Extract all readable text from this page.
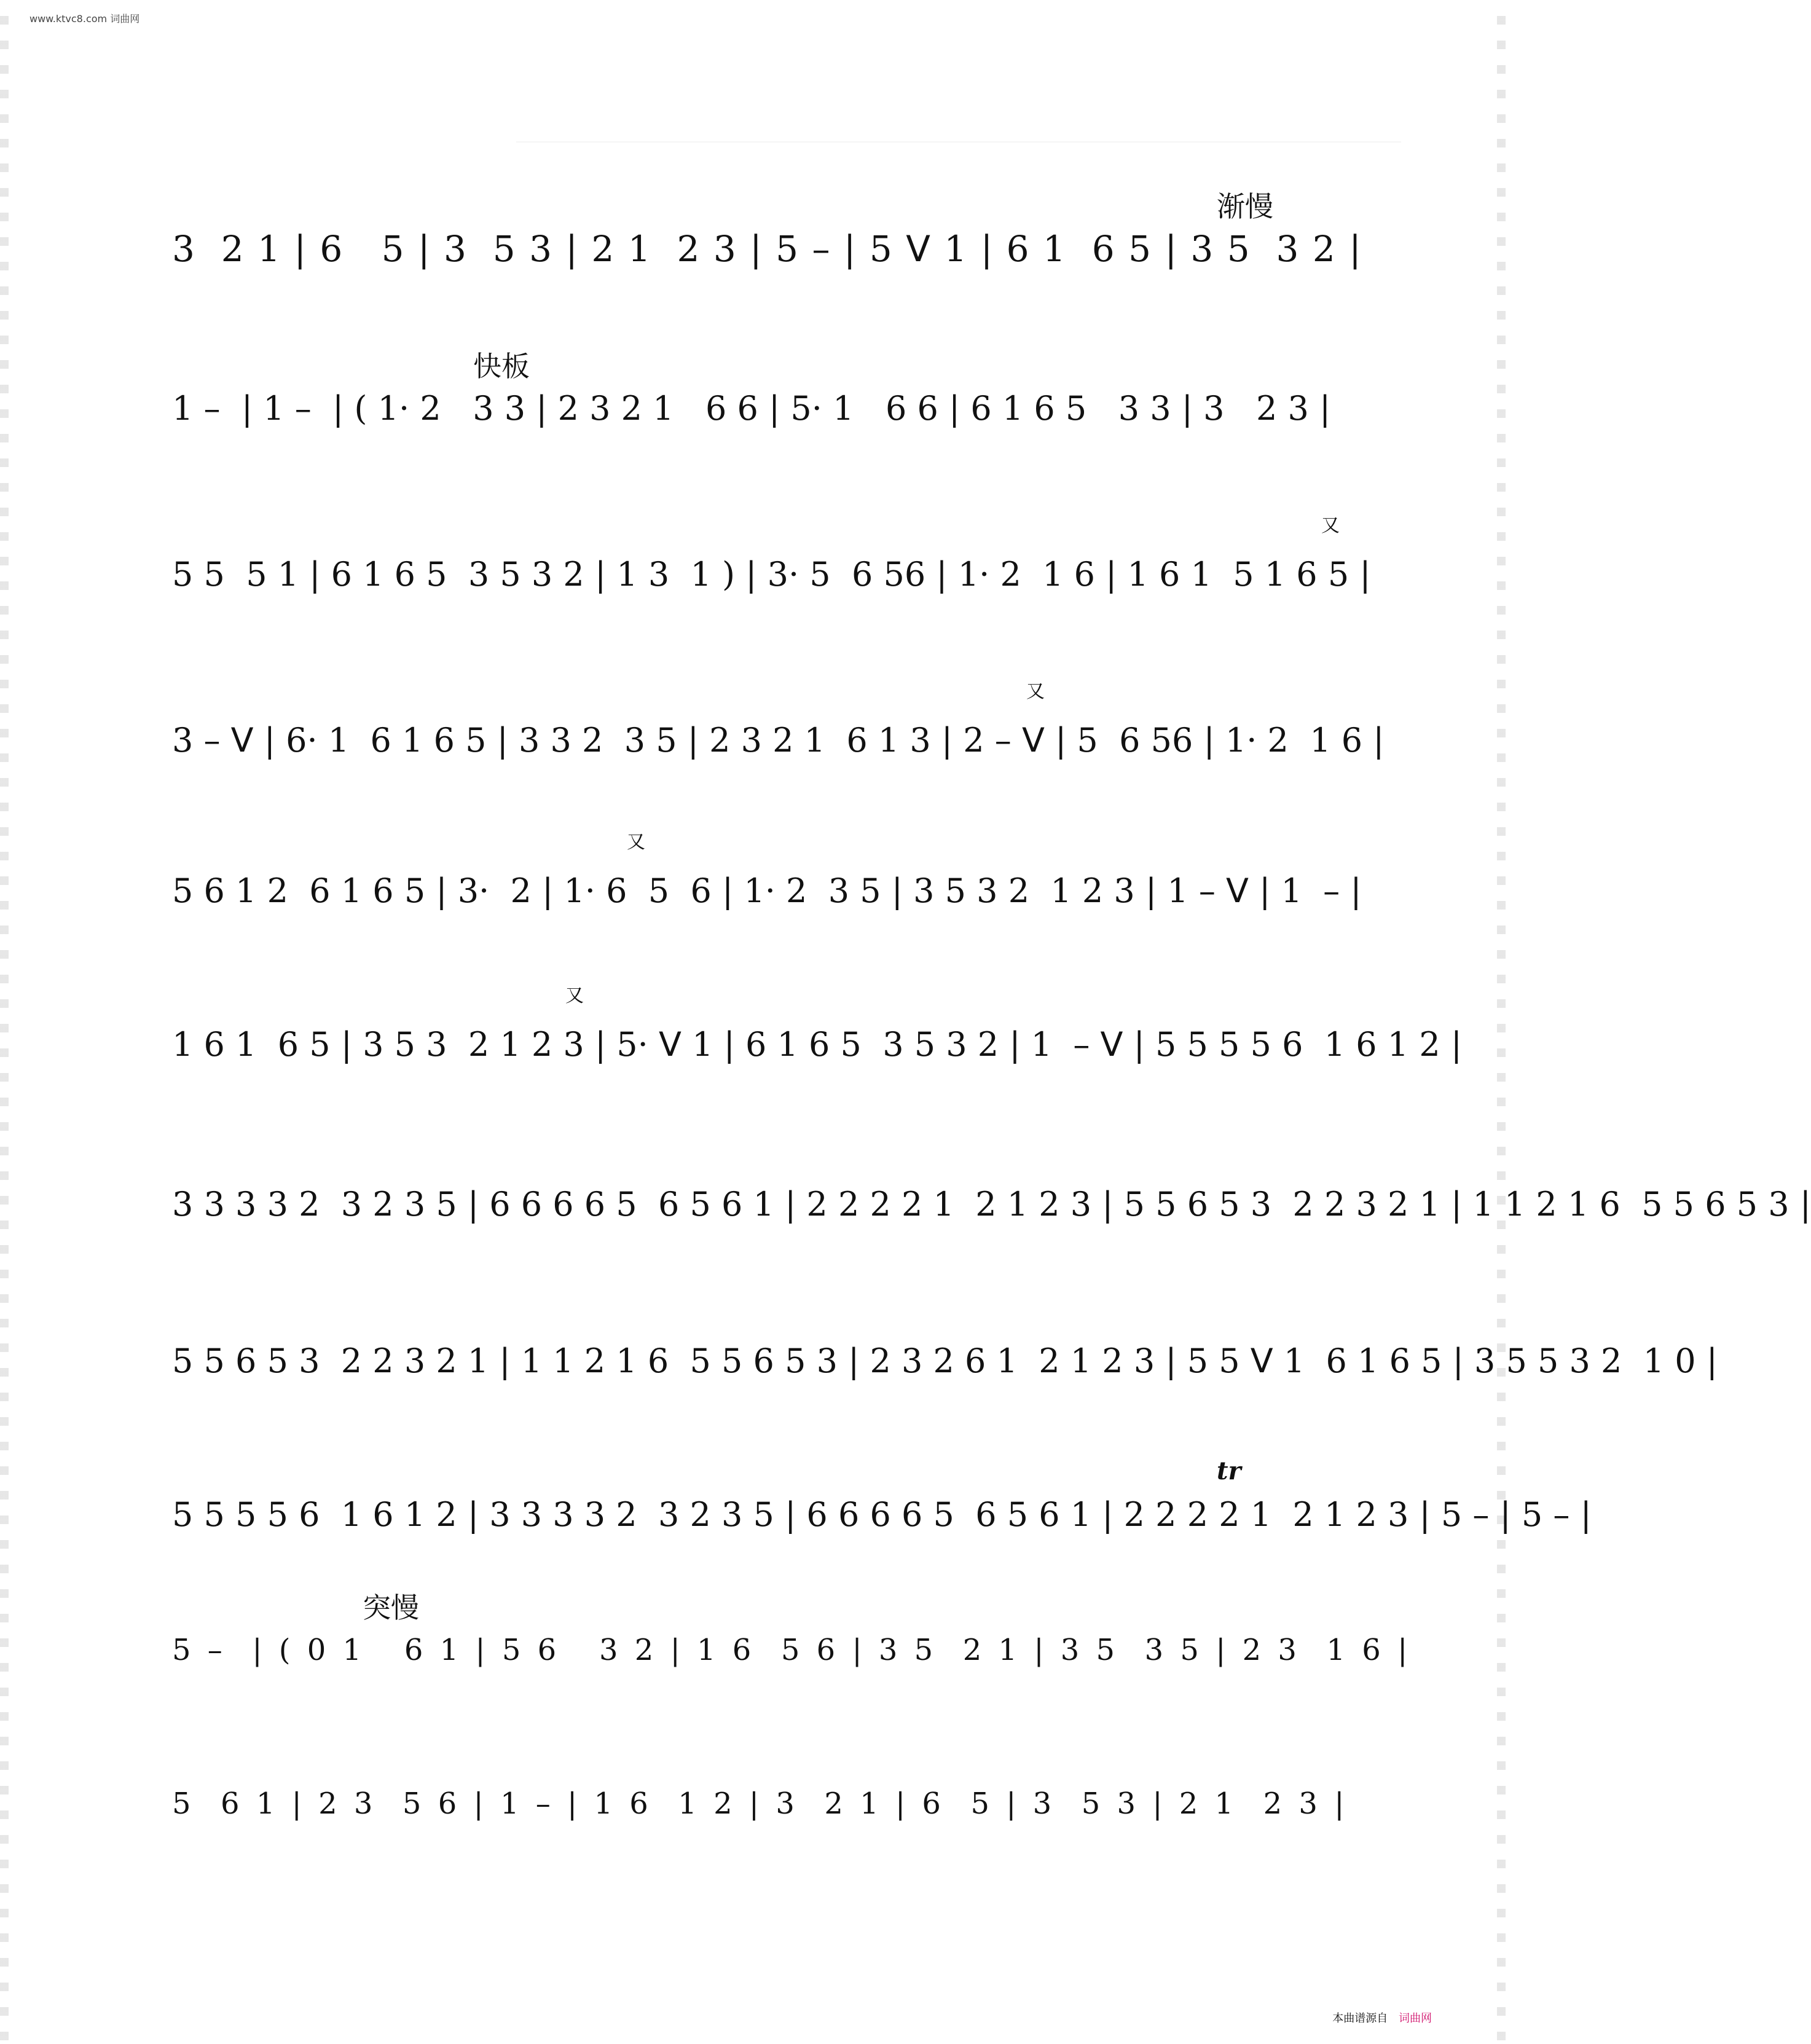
www.ktvc8.com 词曲网
渐慢
3  2 1 | 6   5 | 3  5 3 | 2 1  2 3 | 5 – | 5 ᐯ 1 | 6 1  6 5 | 3 5  3 2 |
快板
1 –  | 1 –  | ( 1· 2   3 3 | 2 3 2 1   6 6 | 5· 1   6 6 | 6 1 6 5   3 3 | 3   2 3 |
又
5 5  5 1 | 6 1 6 5  3 5 3 2 | 1 3  1 ) | 3· 5  6 56 | 1· 2  1 6 | 1 6 1  5 1 6 5 |
又
3 – ᐯ | 6· 1  6 1 6 5 | 3 3 2  3 5 | 2 3 2 1  6 1 3 | 2 – ᐯ | 5  6 56 | 1· 2  1 6 |
又
5 6 1 2  6 1 6 5 | 3·  2 | 1· 6  5  6 | 1· 2  3 5 | 3 5 3 2  1 2 3 | 1 – ᐯ | 1  – |
又
1 6 1  6 5 | 3 5 3  2 1 2 3 | 5· ᐯ 1 | 6 1 6 5  3 5 3 2 | 1  – ᐯ | 5 5 5 5 6  1 6 1 2 |
3 3 3 3 2  3 2 3 5 | 6 6 6 6 5  6 5 6 1 | 2 2 2 2 1  2 1 2 3 | 5 5 6 5 3  2 2 3 2 1 | 1 1 2 1 6  5 5 6 5 3 |
5 5 6 5 3  2 2 3 2 1 | 1 1 2 1 6  5 5 6 5 3 | 2 3 2 6 1  2 1 2 3 | 5 5 ᐯ 1  6 1 6 5 | 3 5 5 3 2  1 0 |
tr
5 5 5 5 6  1 6 1 2 | 3 3 3 3 2  3 2 3 5 | 6 6 6 6 5  6 5 6 1 | 2 2 2 2 1  2 1 2 3 | 5 – | 5 – |
突慢
5 –  | ( 0 1   6 1 | 5 6   3 2 | 1 6  5 6 | 3 5  2 1 | 3 5  3 5 | 2 3  1 6 |
5  6 1 | 2 3  5 6 | 1 – | 1 6  1 2 | 3  2 1 | 6  5 | 3  5 3 | 2 1  2 3 |
本曲谱源自 词曲网
